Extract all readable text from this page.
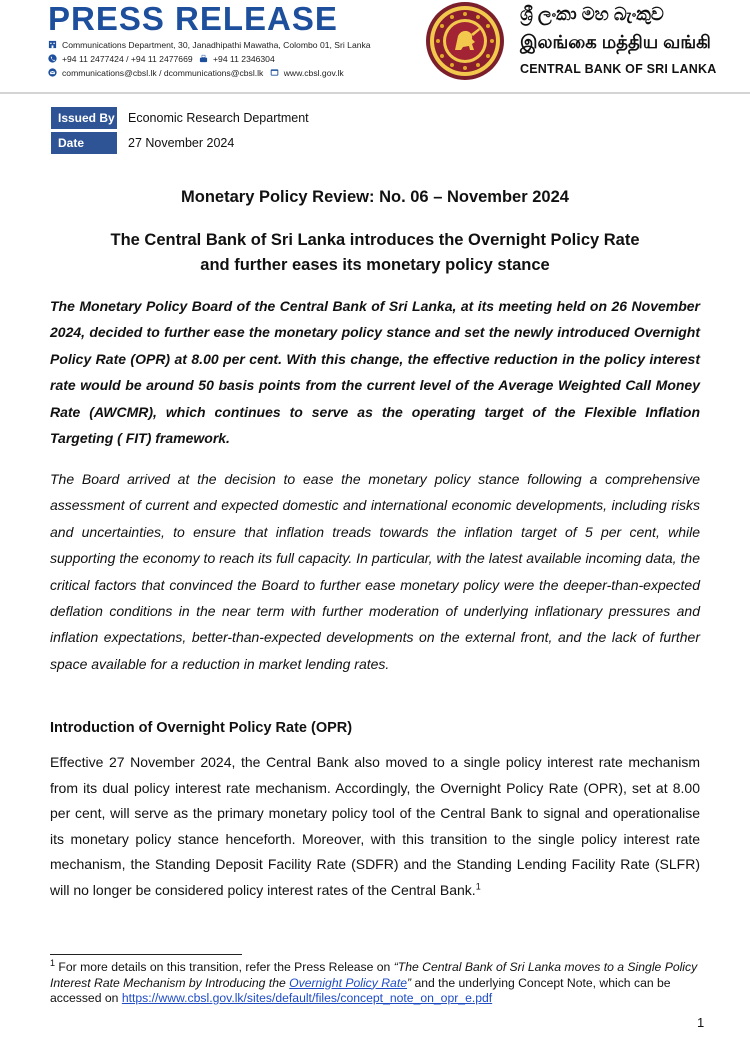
PRESS RELEASE
Communications Department, 30, Janadhipathi Mawatha, Colombo 01, Sri Lanka
+94 11 2477424 / +94 11 2477669 +94 11 2346304
communications@cbsl.lk / dcommunications@cbsl.lk www.cbsl.gov.lk
ශ්‍රී ලංකා මහ බැංකුව
இலங்கை மத்திய வங்கி
CENTRAL BANK OF SRI LANKA
Issued By Economic Research Department
Date	27 November 2024
Monetary Policy Review: No. 06 – November 2024
The Central Bank of Sri Lanka introduces the Overnight Policy Rate
and further eases its monetary policy stance

The Monetary Policy Board of the Central Bank of Sri Lanka, at its meeting held on 26 November 2024, decided to further ease the monetary policy stance and set the newly introduced Overnight Policy Rate (OPR) at 8.00 per cent. With this change, the effective reduction in the policy interest rate would be around 50 basis points from the current level of the Average Weighted Call Money Rate (AWCMR), which continues to serve as the operating target of the Flexible Inflation Targeting ( FIT) framework.

The Board arrived at the decision to ease the monetary policy stance following a comprehensive assessment of current and expected domestic and international economic developments, including risks and uncertainties, to ensure that inflation treads towards the inflation target of 5 per cent, while supporting the economy to reach its full capacity. In particular, with the latest available incoming data, the critical factors that convinced the Board to further ease monetary policy were the deeper-than-expected deflation conditions in the near term with further moderation of underlying inflationary pressures and inflation expectations, better-than-expected developments on the external front, and the lack of further space available for a reduction in market lending rates.

Introduction of Overnight Policy Rate (OPR)

Effective 27 November 2024, the Central Bank also moved to a single policy interest rate mechanism from its dual policy interest rate mechanism. Accordingly, the Overnight Policy Rate (OPR), set at 8.00 per cent, will serve as the primary monetary policy tool of the Central Bank to signal and operationalise its monetary policy stance henceforth. Moreover, with this transition to the single policy interest rate mechanism, the Standing Deposit Facility Rate (SDFR) and the Standing Lending Facility Rate (SLFR) will no longer be considered policy interest rates of the Central Bank.$^1$

$^1$ For more details on this transition, refer the Press Release on “The Central Bank of Sri Lanka moves to a Single Policy Interest Rate Mechanism by Introducing the Overnight Policy Rate” and the underlying Concept Note, which can be accessed on https://www.cbsl.gov.lk/sites/default/files/concept_note_on_opr_e.pdf

1
